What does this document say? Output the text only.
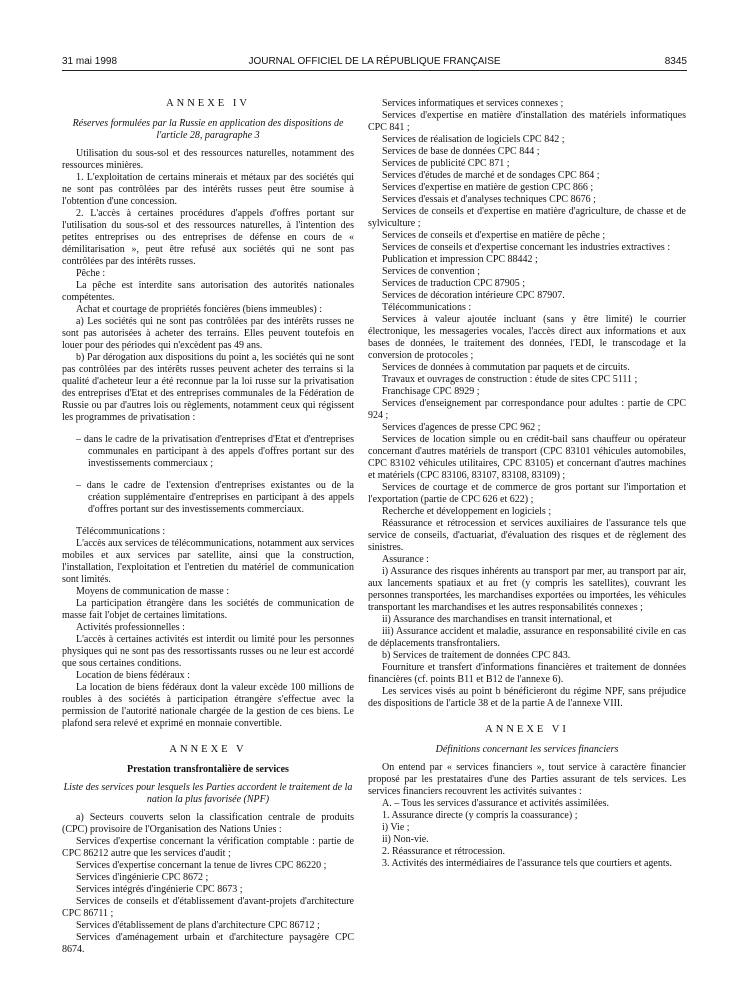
31 mai 1998	JOURNAL OFFICIEL DE LA RÉPUBLIQUE FRANÇAISE	8345

ANNEXE IV

Réserves formulées par la Russie en application des dispositions de l'article 28, paragraphe 3

Utilisation du sous-sol et des ressources naturelles, notamment des ressources minières.

1. L'exploitation de certains minerais et métaux par des sociétés qui ne sont pas contrôlées par des intérêts russes peut être soumise à l'obtention d'une concession.

2. L'accès à certaines procédures d'appels d'offres portant sur l'utilisation du sous-sol et des ressources naturelles, à l'intention des petites entreprises ou des entreprises de défense en cours de « démilitarisation », peut être refusé aux sociétés qui ne sont pas contrôlées par des intérêts russes.

Pêche :

La pêche est interdite sans autorisation des autorités nationales compétentes.

Achat et courtage de propriétés foncières (biens immeubles) :

a) Les sociétés qui ne sont pas contrôlées par des intérêts russes ne sont pas autorisées à acheter des terrains. Elles peuvent toutefois en louer pour des périodes qui n'excèdent pas 49 ans.

b) Par dérogation aux dispositions du point a, les sociétés qui ne sont pas contrôlées par des intérêts russes peuvent acheter des terrains si la qualité d'acheteur leur a été reconnue par la loi russe sur la privatisation des entreprises d'Etat et des entreprises communales de la Fédération de Russie ou par d'autres lois ou règlements, notamment ceux qui régissent les programmes de privatisation :

– dans le cadre de la privatisation d'entreprises d'Etat et d'entreprises communales en participant à des appels d'offres portant sur des investissements commerciaux ;

– dans le cadre de l'extension d'entreprises existantes ou de la création supplémentaire d'entreprises en participant à des appels d'offres portant sur des investissements commerciaux.

Télécommunications :

L'accès aux services de télécommunications, notamment aux services mobiles et aux services par satellite, ainsi que la construction, l'installation, l'exploitation et l'entretien du matériel de communication sont limités.

Moyens de communication de masse :

La participation étrangère dans les sociétés de communication de masse fait l'objet de certaines limitations.

Activités professionnelles :

L'accès à certaines activités est interdit ou limité pour les personnes physiques qui ne sont pas des ressortissants russes ou ne leur est accordé que sous certaines conditions.

Location de biens fédéraux :

La location de biens fédéraux dont la valeur excède 100 millions de roubles à des sociétés à participation étrangère s'effectue avec la permission de l'autorité nationale chargée de la gestion de ces biens. Le plafond sera relevé et exprimé en monnaie convertible.

ANNEXE V

Prestation transfrontalière de services

Liste des services pour lesquels les Parties accordent le traitement de la nation la plus favorisée (NPF)

a) Secteurs couverts selon la classification centrale de produits (CPC) provisoire de l'Organisation des Nations Unies :

Services d'expertise concernant la vérification comptable : partie de CPC 86212 autre que les services d'audit ;

Services d'expertise concernant la tenue de livres CPC 86220 ;

Services d'ingénierie CPC 8672 ;

Services intégrés d'ingénierie CPC 8673 ;

Services de conseils et d'établissement d'avant-projets d'architecture CPC 86711 ;

Services d'établissement de plans d'architecture CPC 86712 ;

Services d'aménagement urbain et d'architecture paysagère CPC 8674.

Services informatiques et services connexes ;

Services d'expertise en matière d'installation des matériels informatiques CPC 841 ;

Services de réalisation de logiciels CPC 842 ;

Services de base de données CPC 844 ;

Services de publicité CPC 871 ;

Services d'études de marché et de sondages CPC 864 ;

Services d'expertise en matière de gestion CPC 866 ;

Services d'essais et d'analyses techniques CPC 8676 ;

Services de conseils et d'expertise en matière d'agriculture, de chasse et de sylviculture ;

Services de conseils et d'expertise en matière de pêche ;

Services de conseils et d'expertise concernant les industries extractives :

Publication et impression CPC 88442 ;

Services de convention ;

Services de traduction CPC 87905 ;

Services de décoration intérieure CPC 87907.

Télécommunications :

Services à valeur ajoutée incluant (sans y être limité) le courrier électronique, les messageries vocales, l'accès direct aux informations et aux bases de données, le traitement des données, l'EDI, le transcodage et la conversion de protocoles ;

Services de données à commutation par paquets et de circuits.

Travaux et ouvrages de construction : étude de sites CPC 5111 ;

Franchisage CPC 8929 ;

Services d'enseignement par correspondance pour adultes : partie de CPC 924 ;

Services d'agences de presse CPC 962 ;

Services de location simple ou en crédit-bail sans chauffeur ou opérateur concernant d'autres matériels de transport (CPC 83101 véhicules automobiles, CPC 83102 véhicules utilitaires, CPC 83105) et concernant d'autres machines et matériels (CPC 83106, 83107, 83108, 83109) ;

Services de courtage et de commerce de gros portant sur l'importation et l'exportation (partie de CPC 626 et 622) ;

Recherche et développement en logiciels ;

Réassurance et rétrocession et services auxiliaires de l'assurance tels que service de conseils, d'actuariat, d'évaluation des risques et de règlement des sinistres.

Assurance :

i) Assurance des risques inhérents au transport par mer, au transport par air, aux lancements spatiaux et au fret (y compris les satellites), couvrant les personnes transportées, les marchandises exportées ou importées, les véhicules transportant les marchandises et les autres responsabilités connexes ;

ii) Assurance des marchandises en transit international, et

iii) Assurance accident et maladie, assurance en responsabilité civile en cas de déplacements transfrontaliers.

b) Services de traitement de données CPC 843.

Fourniture et transfert d'informations financières et traitement de données financières (cf. points B11 et B12 de l'annexe 6).

Les services visés au point b bénéficieront du régime NPF, sans préjudice des dispositions de l'article 38 et de la partie A de l'annexe VIII.

ANNEXE VI

Définitions concernant les services financiers

On entend par « services financiers », tout service à caractère financier proposé par les prestataires d'une des Parties assurant de tels services. Les services financiers recouvrent les activités suivantes :

A. – Tous les services d'assurance et activités assimilées.

1. Assurance directe (y compris la coassurance) ;

i) Vie ;

ii) Non-vie.

2. Réassurance et rétrocession.

3. Activités des intermédiaires de l'assurance tels que courtiers et agents.
